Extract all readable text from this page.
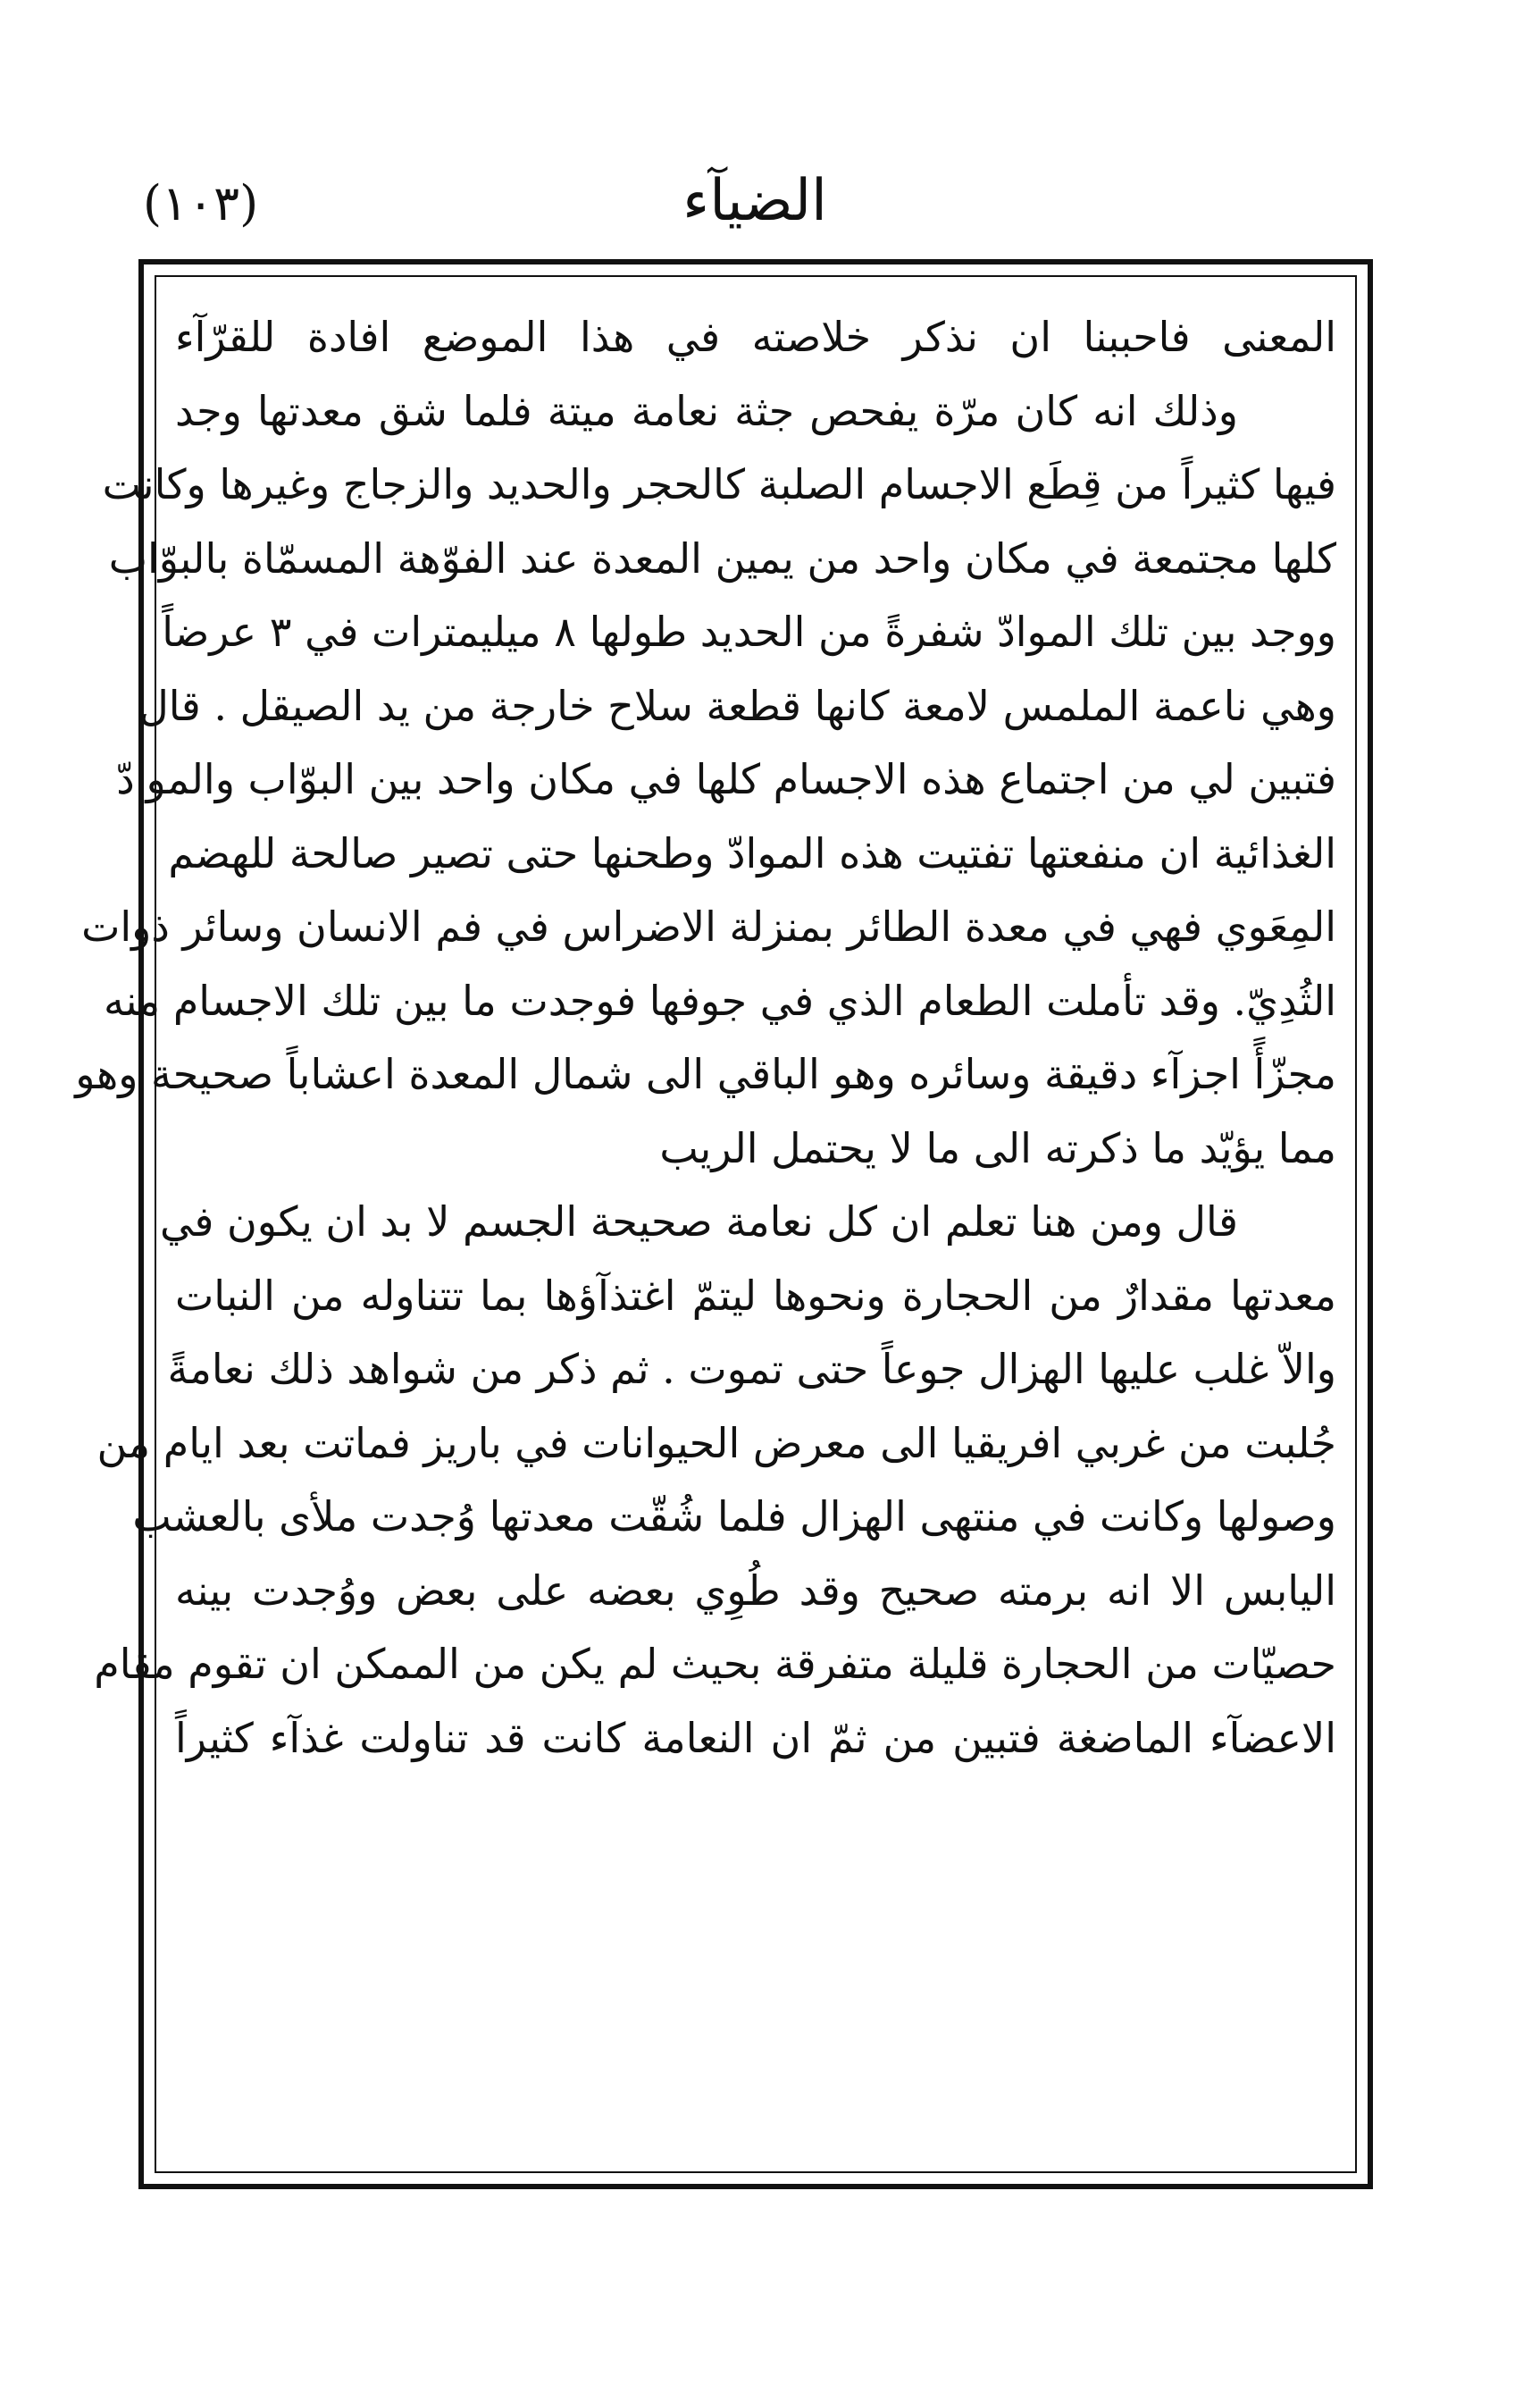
الضيآء
(١٠٣)
المعنى فاحببنا ان نذكر خلاصته في هذا الموضع افادة للقرّآء
وذلك انه كان مرّة يفحص جثة نعامة ميتة فلما شق معدتها وجد
فيها كثيراً من قِطَع الاجسام الصلبة كالحجر والحديد والزجاج وغيرها وكانت
كلها مجتمعة في مكان واحد من يمين المعدة عند الفوّهة المسمّاة بالبوّاب
ووجد بين تلك الموادّ شفرةً من الحديد طولها ٨ ميليمترات في ٣ عرضاً
وهي ناعمة الملمس لامعة كانها قطعة سلاح خارجة من يد الصيقل . قال
فتبين لي من اجتماع هذه الاجسام كلها في مكان واحد بين البوّاب والموادّ
الغذائية ان منفعتها تفتيت هذه الموادّ وطحنها حتى تصير صالحة للهضم
المِعَوي فهي في معدة الطائر بمنزلة الاضراس في فم الانسان وسائر ذوات
الثُدِيّ. وقد تأملت الطعام الذي في جوفها فوجدت ما بين تلك الاجسام منه
مجزّأً اجزآء دقيقة وسائره وهو الباقي الى شمال المعدة اعشاباً صحيحة وهو
مما يؤيّد ما ذكرته الى ما لا يحتمل الريب
قال ومن هنا تعلم ان كل نعامة صحيحة الجسم لا بد ان يكون في
معدتها مقدارٌ من الحجارة ونحوها ليتمّ اغتذآؤها بما تتناوله من النبات
والاّ غلب عليها الهزال جوعاً حتى تموت . ثم ذكر من شواهد ذلك نعامةً
جُلبت من غربي افريقيا الى معرض الحيوانات في باريز فماتت بعد ايام من
وصولها وكانت في منتهى الهزال فلما شُقّت معدتها وُجدت ملأى بالعشب
اليابس الا انه برمته صحيح وقد طُوِي بعضه على بعض ووُجدت بينه
حصيّات من الحجارة قليلة متفرقة بحيث لم يكن من الممكن ان تقوم مقام
الاعضآء الماضغة فتبين من ثمّ ان النعامة كانت قد تناولت غذآء كثيراً
